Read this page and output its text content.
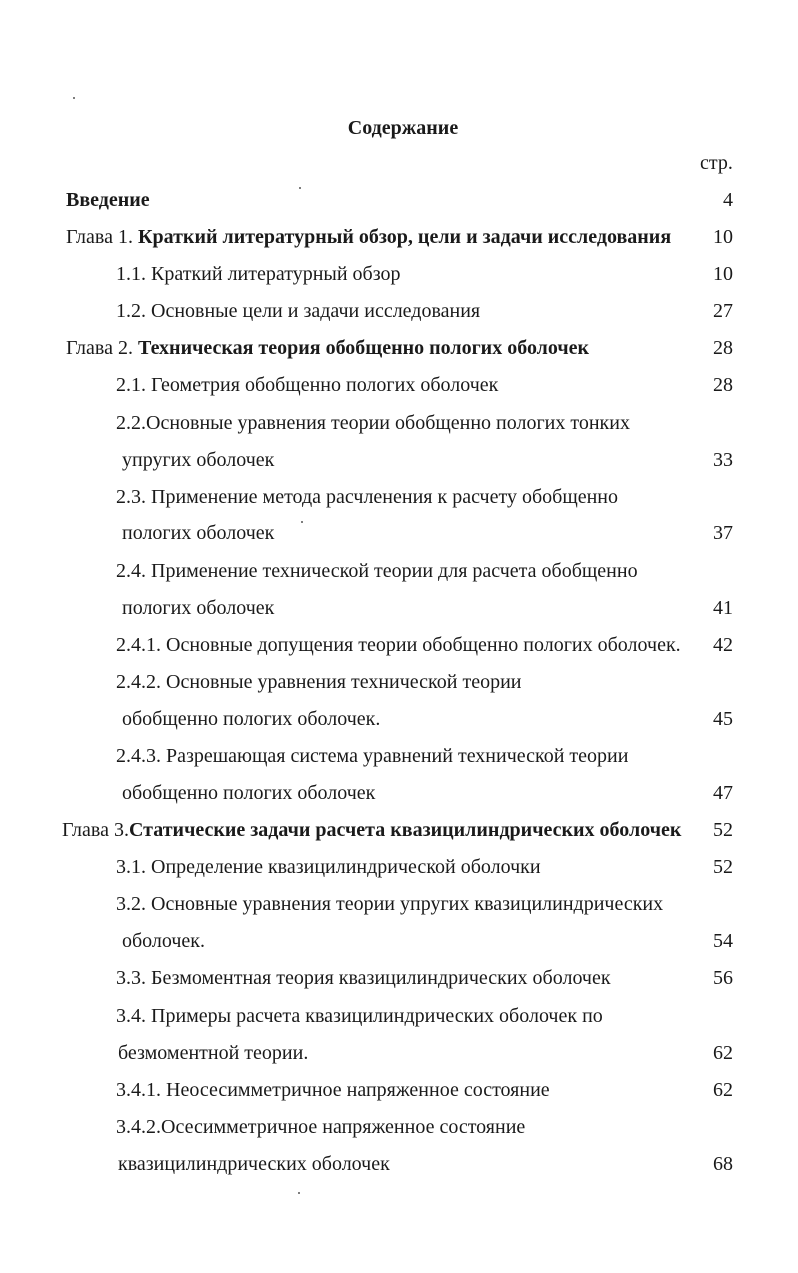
Содержание
стр.
Введение	4
Глава 1. Краткий литературный обзор, цели и задачи исследования	10
1.1. Краткий литературный обзор	10
1.2. Основные цели и задачи исследования	27
Глава 2. Техническая теория обобщенно пологих оболочек	28
2.1. Геометрия обобщенно пологих оболочек	28
2.2.Основные уравнения теории обобщенно пологих тонких
упругих оболочек	33
2.3. Применение метода расчленения к расчету обобщенно
пологих оболочек	37
2.4. Применение технической теории для расчета обобщенно
пологих оболочек	41
2.4.1. Основные допущения теории обобщенно пологих оболочек.	42
2.4.2. Основные уравнения технической теории
обобщенно пологих оболочек.	45
2.4.3. Разрешающая система уравнений технической теории
обобщенно пологих оболочек	47
Глава 3.Статические задачи расчета квазицилиндрических оболочек	52
3.1. Определение квазицилиндрической оболочки	52
3.2. Основные уравнения теории упругих квазицилиндрических
оболочек.	54
3.3. Безмоментная теория квазицилиндрических оболочек	56
3.4. Примеры расчета квазицилиндрических оболочек по
безмоментной теории.	62
3.4.1. Неосесимметричное напряженное состояние	62
3.4.2.Осесимметричное напряженное состояние
квазицилиндрических оболочек	68
